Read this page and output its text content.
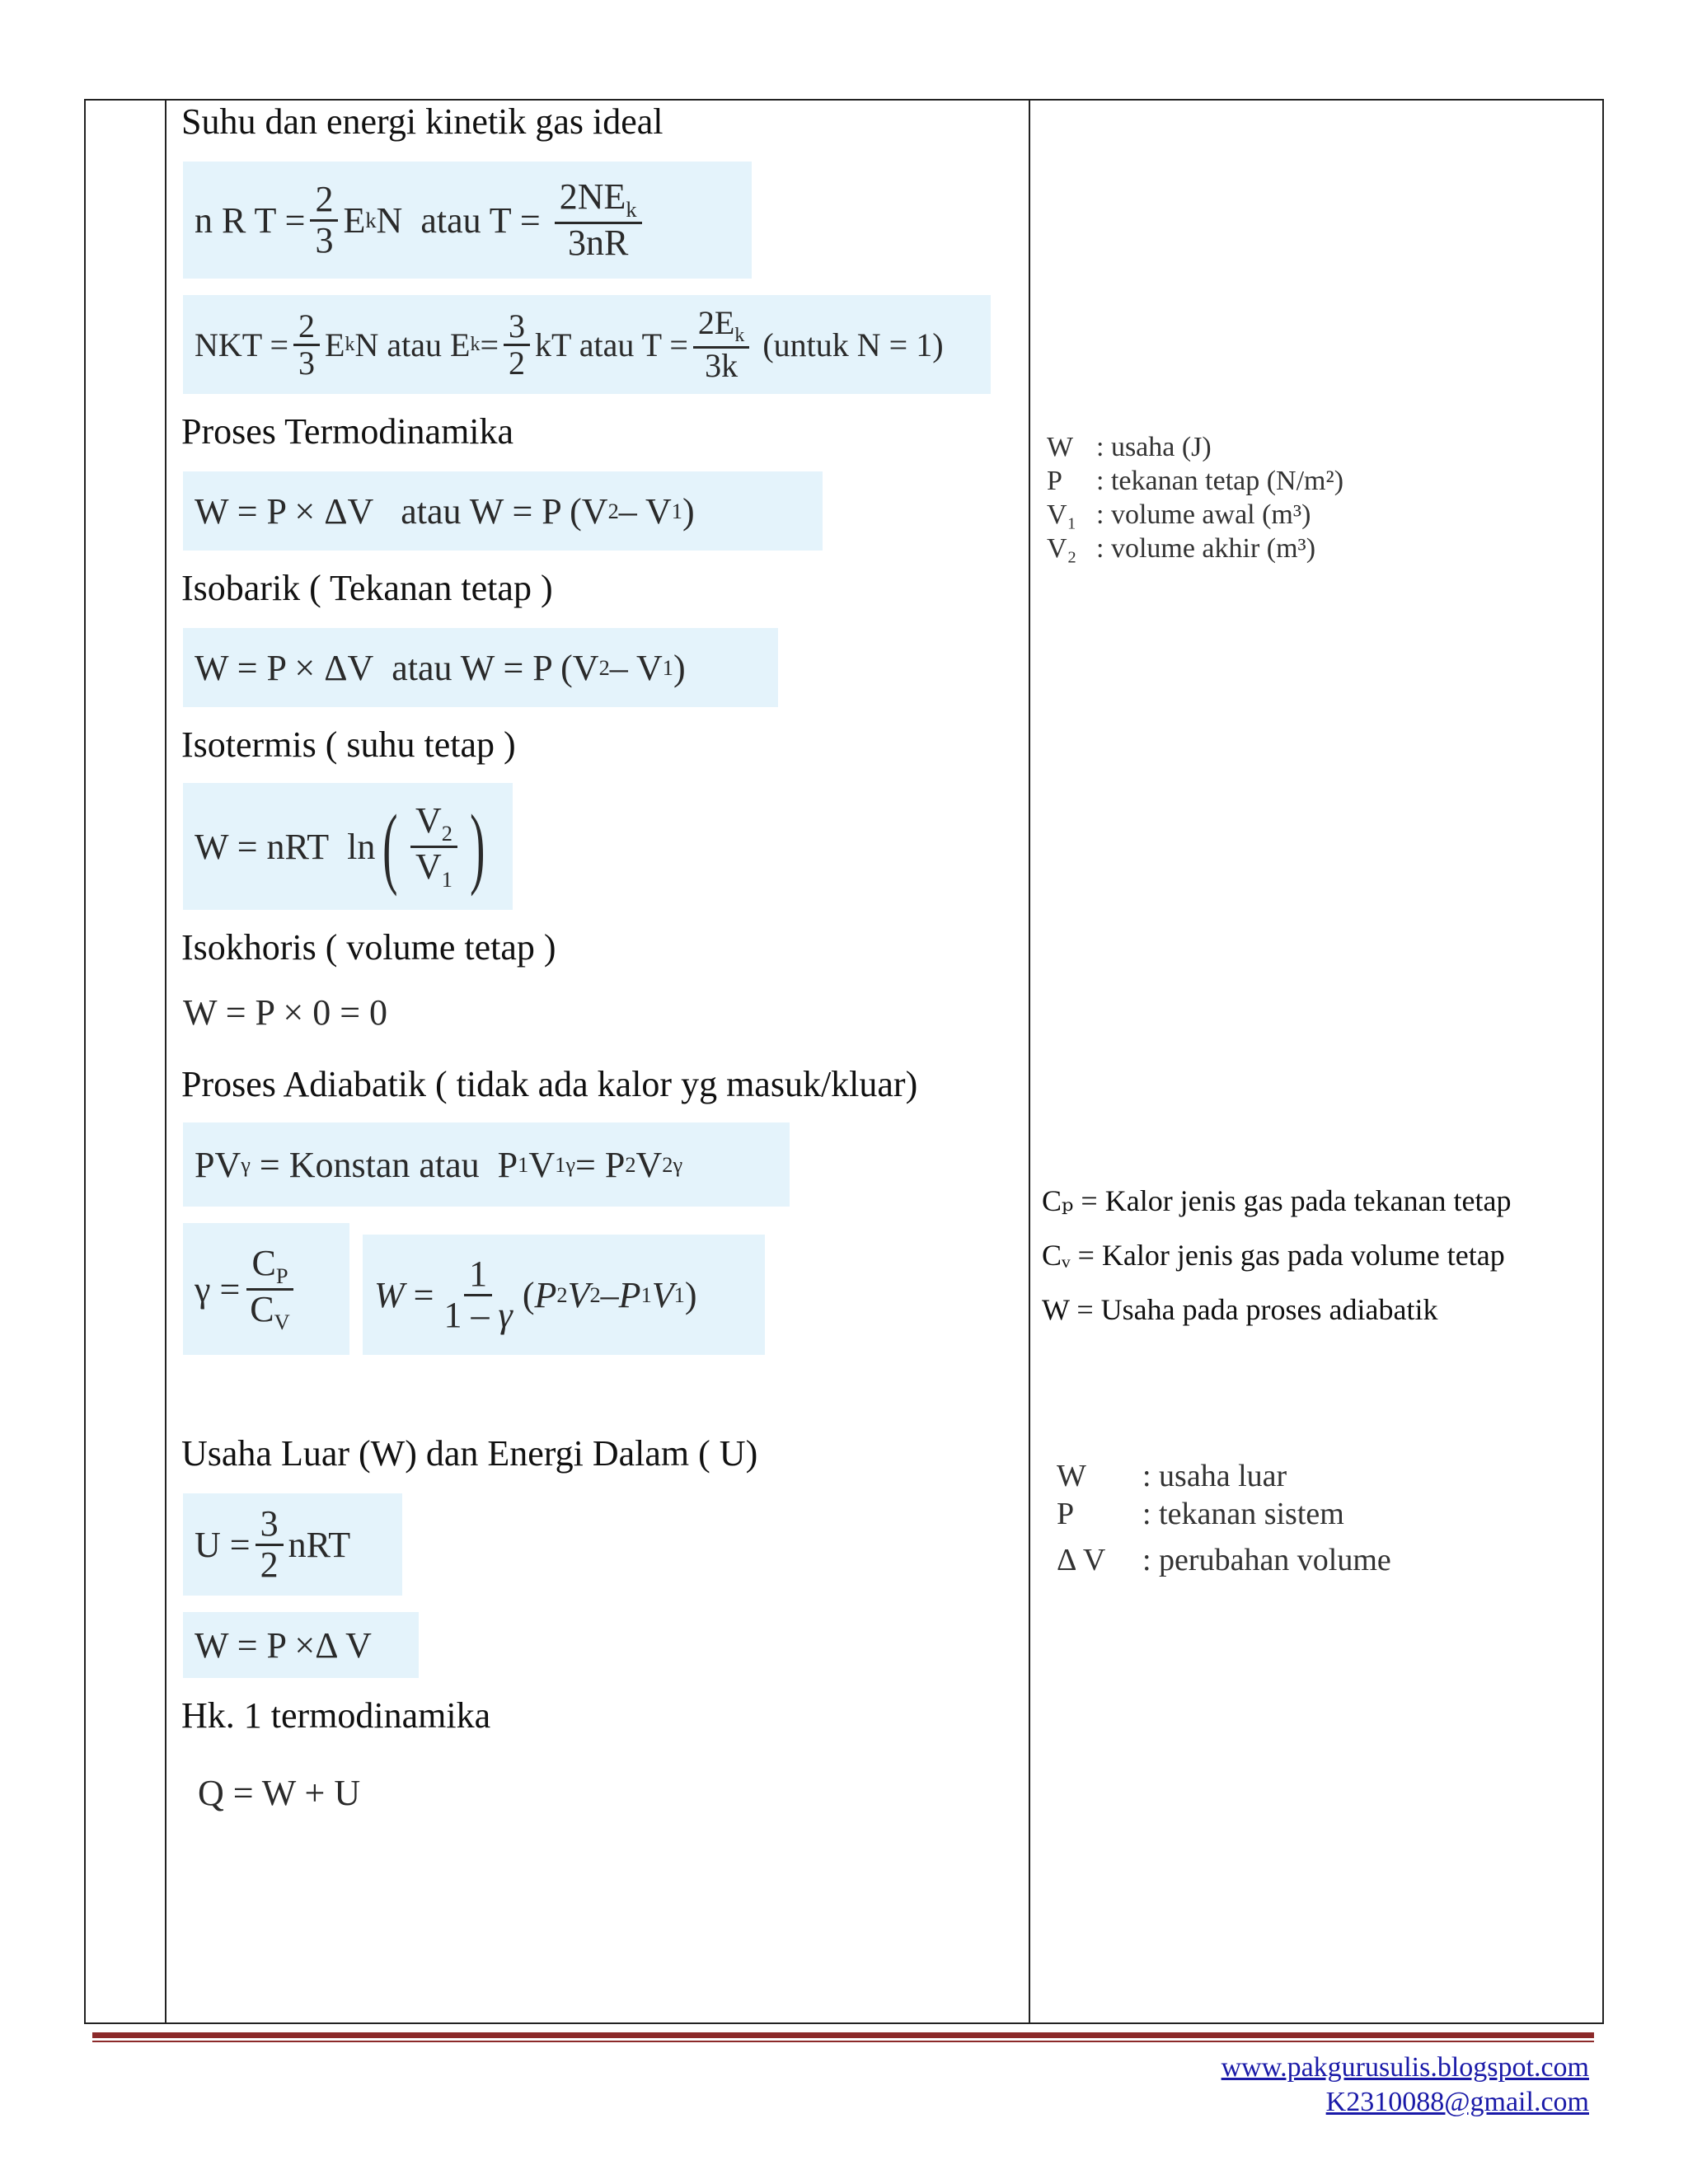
Suhu dan energi kinetik gas ideal
n R $T = \frac{2}{3}$ E k N  atau $T = \frac{2NE_k}{3nR}$
NKT = $\frac{2}{3}$ E k N atau E $k = \frac{3}{2}$ kT atau $T = \frac{2E_k}{3k}$ (untuk N = 1)
Proses Termodinamika
W = P × ΔV   atau W = P (V 2 – V 1 )
Isobarik ( Tekanan tetap )
W = P × ΔV  atau W = P (V 2 – V 1 )
Isotermis ( suhu tetap )
W = nRT  ln ( $\frac{V_2}{V_1}$ )
Isokhoris ( volume tetap )
W = P × 0 = 0
Proses Adiabatik ( tidak ada kalor yg masuk/kluar)
PV γ = Konstan atau  P 1 V 1 γ = P 2 V 2 γ
$\gamma = \frac{C_P}{C_V}$ $W = \frac{1}{1 - \gamma}$ ( P 2 V 2 – P 1 V 1 )
Usaha Luar (W) dan Energi Dalam ( U)
$U = \frac{3}{2}$ nRT
W = P ×Δ V
Hk. 1 termodinamika
Q = W + U
W : usaha (J)
P	: tekanan tetap (N/m²)
V₁ : volume awal (m³)
V₂ : volume akhir (m³)
Cₚ = Kalor jenis gas pada tekanan tetap
Cᵥ = Kalor jenis gas pada volume tetap
W = Usaha pada proses adiabatik
W	: usaha luar
P	: tekanan sistem
Δ V	: perubahan volume
www.pakgurusulis.blogspot.com
K2310088@gmail.com
